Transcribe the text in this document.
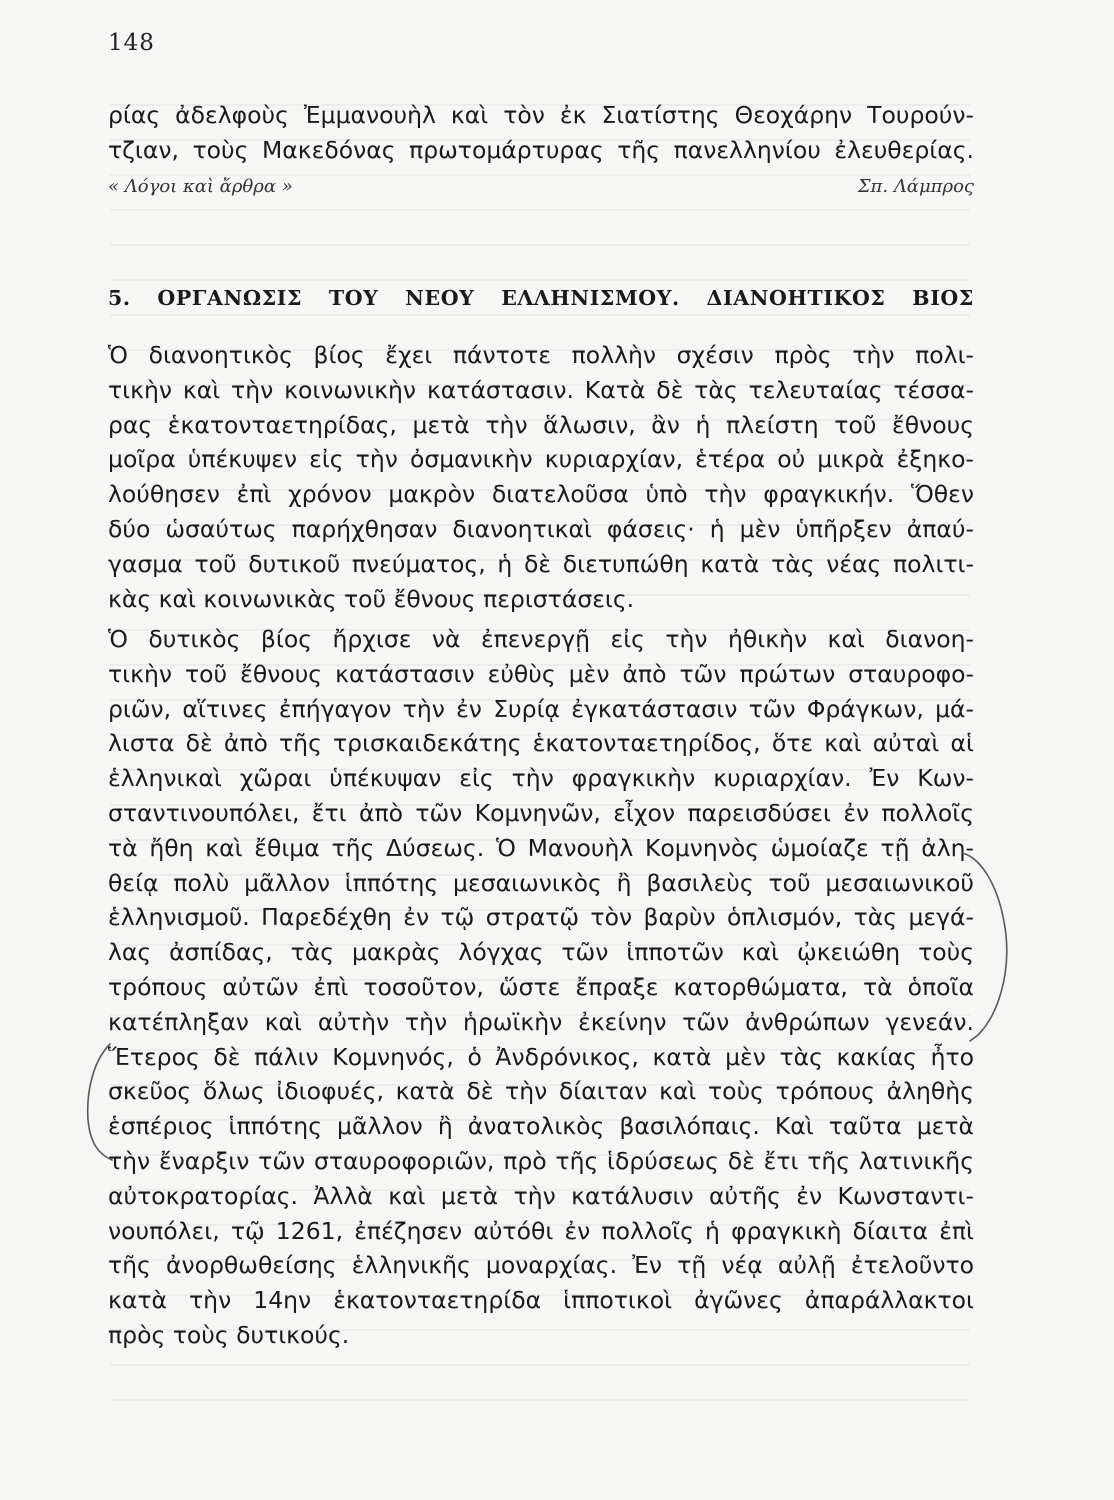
148
ρίας ἀδελφοὺς Ἐμμανουὴλ καὶ τὸν ἐκ Σιατίστης Θεοχάρην Τουρούν-
τζιαν, τοὺς Μακεδόνας πρωτομάρτυρας τῆς πανελληνίου ἐλευθερίας.
« Λόγοι καὶ ἄρθρα »	Σπ. Λάμπρος
5. ΟΡΓΑΝΩΣΙΣ ΤΟΥ ΝΕΟΥ ΕΛΛΗΝΙΣΜΟΥ. ΔΙΑΝΟΗΤΙΚΟΣ ΒΙΟΣ
Ὁ διανοητικὸς βίος ἔχει πάντοτε πολλὴν σχέσιν πρὸς τὴν πολι-
τικὴν καὶ τὴν κοινωνικὴν κατάστασιν. Κατὰ δὲ τὰς τελευταίας τέσσα-
ρας ἑκατονταετηρίδας, μετὰ τὴν ἅλωσιν, ἂν ἡ πλείστη τοῦ ἔθνους
μοῖρα ὑπέκυψεν εἰς τὴν ὀσμανικὴν κυριαρχίαν, ἑτέρα οὐ μικρὰ ἐξηκο-
λούθησεν ἐπὶ χρόνον μακρὸν διατελοῦσα ὑπὸ τὴν φραγκικήν. Ὅθεν
δύο ὡσαύτως παρήχθησαν διανοητικαὶ φάσεις· ἡ μὲν ὑπῆρξεν ἀπαύ-
γασμα τοῦ δυτικοῦ πνεύματος, ἡ δὲ διετυπώθη κατὰ τὰς νέας πολιτι-
κὰς καὶ κοινωνικὰς τοῦ ἔθνους περιστάσεις.
Ὁ δυτικὸς βίος ἤρχισε νὰ ἐπενεργῇ εἰς τὴν ἠθικὴν καὶ διανοη-
τικὴν τοῦ ἔθνους κατάστασιν εὐθὺς μὲν ἀπὸ τῶν πρώτων σταυροφο-
ριῶν, αἵτινες ἐπήγαγον τὴν ἐν Συρίᾳ ἐγκατάστασιν τῶν Φράγκων, μά-
λιστα δὲ ἀπὸ τῆς τρισκαιδεκάτης ἑκατονταετηρίδος, ὅτε καὶ αὐταὶ αἱ
ἑλληνικαὶ χῶραι ὑπέκυψαν εἰς τὴν φραγκικὴν κυριαρχίαν. Ἐν Κων-
σταντινουπόλει, ἔτι ἀπὸ τῶν Κομνηνῶν, εἶχον παρεισδύσει ἐν πολλοῖς
τὰ ἤθη καὶ ἔθιμα τῆς Δύσεως. Ὁ Μανουὴλ Κομνηνὸς ὡμοίαζε τῇ ἀλη-
θείᾳ πολὺ μᾶλλον ἱππότης μεσαιωνικὸς ἢ βασιλεὺς τοῦ μεσαιωνικοῦ
ἑλληνισμοῦ. Παρεδέχθη ἐν τῷ στρατῷ τὸν βαρὺν ὁπλισμόν, τὰς μεγά-
λας ἀσπίδας, τὰς μακρὰς λόγχας τῶν ἱπποτῶν καὶ ᾠκειώθη τοὺς
τρόπους αὐτῶν ἐπὶ τοσοῦτον, ὥστε ἔπραξε κατορθώματα, τὰ ὁποῖα
κατέπληξαν καὶ αὐτὴν τὴν ἡρωϊκὴν ἐκείνην τῶν ἀνθρώπων γενεάν.
Ἕτερος δὲ πάλιν Κομνηνός, ὁ Ἀνδρόνικος, κατὰ μὲν τὰς κακίας ἦτο
σκεῦος ὅλως ἰδιοφυές, κατὰ δὲ τὴν δίαιταν καὶ τοὺς τρόπους ἀληθὴς
ἑσπέριος ἱππότης μᾶλλον ἢ ἀνατολικὸς βασιλόπαις. Καὶ ταῦτα μετὰ
τὴν ἔναρξιν τῶν σταυροφοριῶν, πρὸ τῆς ἱδρύσεως δὲ ἔτι τῆς λατινικῆς
αὐτοκρατορίας. Ἀλλὰ καὶ μετὰ τὴν κατάλυσιν αὐτῆς ἐν Κωνσταντι-
νουπόλει, τῷ 1261, ἐπέζησεν αὐτόθι ἐν πολλοῖς ἡ φραγκικὴ δίαιτα ἐπὶ
τῆς ἀνορθωθείσης ἑλληνικῆς μοναρχίας. Ἐν τῇ νέᾳ αὐλῇ ἐτελοῦντο
κατὰ τὴν 14ην ἑκατονταετηρίδα ἱπποτικοὶ ἀγῶνες ἀπαράλλακτοι
πρὸς τοὺς δυτικούς.
